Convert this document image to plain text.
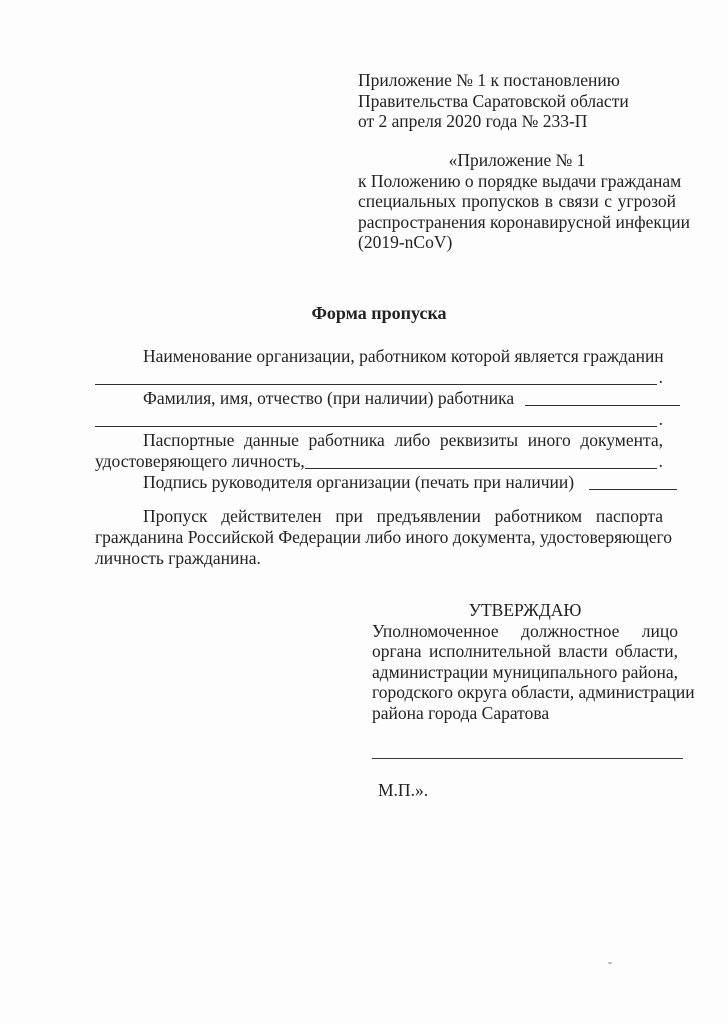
Приложение № 1 к постановлению
Правительства Саратовской области
от 2 апреля 2020 года № 233-П
«Приложение № 1
к Положению о порядке выдачи гражданам
специальных пропусков в связи с угрозой
распространения коронавирусной инфекции
(2019-nCoV)
Форма пропуска
Наименование организации, работником которой является гражданин
.
Фамилия, имя, отчество (при наличии) работника
.
Паспортные данные работника либо реквизиты иного документа,
удостоверяющего личность,	.
Подпись руководителя организации (печать при наличии)
Пропуск действителен при предъявлении работником паспорта
гражданина Российской Федерации либо иного документа, удостоверяющего
личность гражданина.
УТВЕРЖДАЮ
Уполномоченное должностное лицо
органа исполнительной власти области,
администрации муниципального района,
городского округа области, администрации
района города Саратова
М.П.».
